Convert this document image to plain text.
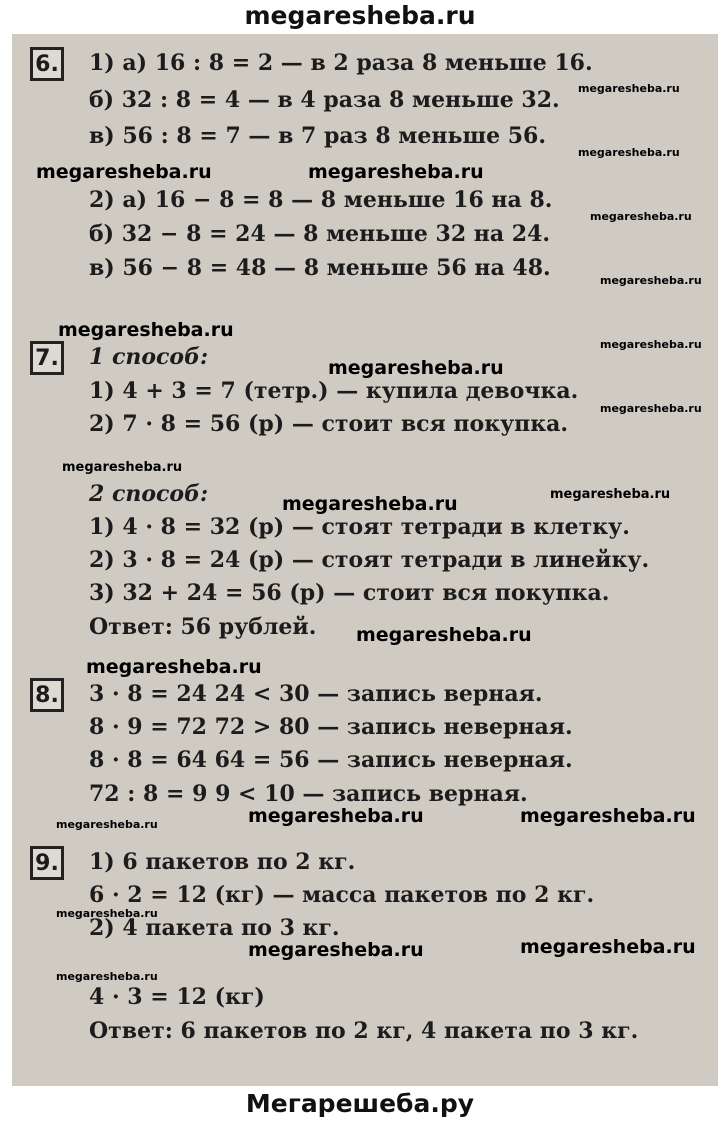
megaresheba.ru
6. 1) а) 16 : 8 = 2 — в 2 раза 8 меньше 16.
б) 32 : 8 = 4 — в 4 раза 8 меньше 32.
в) 56 : 8 = 7 — в 7 раз 8 меньше 56.
2) а) 16 − 8 = 8 — 8 меньше 16 на 8.
б) 32 − 8 = 24 — 8 меньше 32 на 24.
в) 56 − 8 = 48 — 8 меньше 56 на 48.
7. 1 способ:
1) 4 + 3 = 7 (тетр.) — купила девочка.
2) 7 · 8 = 56 (р) — стоит вся покупка.
2 способ:
1) 4 · 8 = 32 (р) — стоят тетради в клетку.
2) 3 · 8 = 24 (р) — стоят тетради в линейку.
3) 32 + 24 = 56 (р) — стоит вся покупка.
Ответ: 56 рублей.
8. 3 · 8 = 24 24 < 30 — запись верная.
8 · 9 = 72 72 > 80 — запись неверная.
8 · 8 = 64 64 = 56 — запись неверная.
72 : 8 = 9 9 < 10 — запись верная.
9. 1) 6 пакетов по 2 кг.
6 · 2 = 12 (кг) — масса пакетов по 2 кг.
2) 4 пакета по 3 кг.
4 · 3 = 12 (кг)
Ответ: 6 пакетов по 2 кг, 4 пакета по 3 кг.
megaresheba.ru
megaresheba.ru
megaresheba.ru	megaresheba.ru
megaresheba.ru
megaresheba.ru
megaresheba.ru
megaresheba.ru
megaresheba.ru
megaresheba.ru
megaresheba.ru
megaresheba.ru
megaresheba.ru
megaresheba.ru
megaresheba.ru
megaresheba.ru	megaresheba.ru	megaresheba.ru
megaresheba.ru
megaresheba.ru	megaresheba.ru
megaresheba.ru
Мегарешеба.ру
